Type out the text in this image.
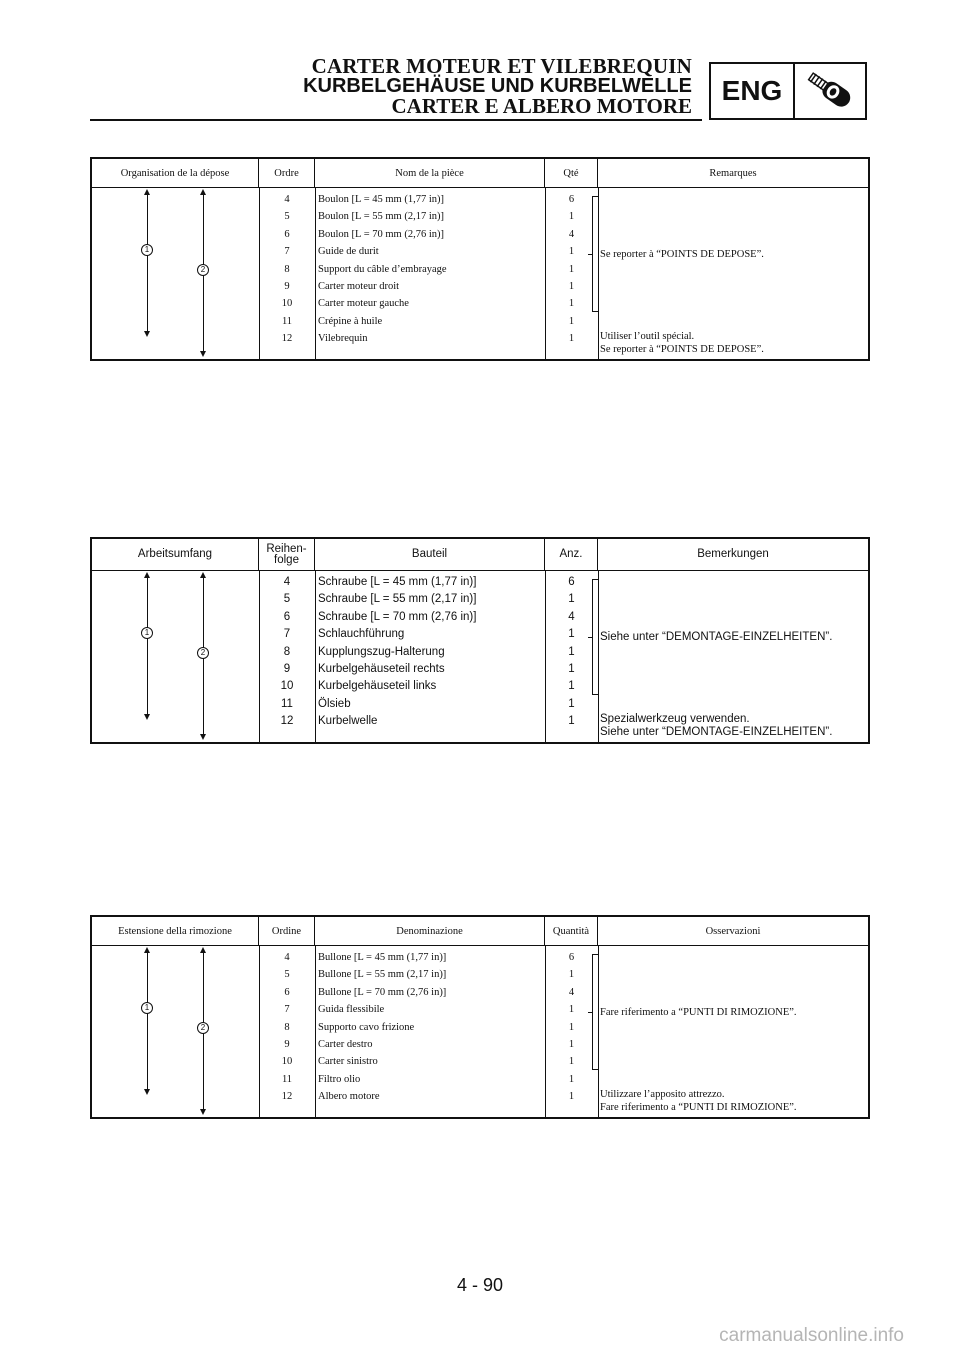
CARTER MOTEUR ET VILEBREQUIN
KURBELGEHÄUSE UND KURBELWELLE
CARTER E ALBERO MOTORE	ENG
Organisation de la dépose	Ordre	Nom de la pièce	Qté	Remarques
1
2
4	Boulon [L = 45 mm (1,77 in)]	6
5	Boulon [L = 55 mm (2,17 in)]	1
6	Boulon [L = 70 mm (2,76 in)]	4
7	Guide de durit	1
8	Support du câble d’embrayage	1
9	Carter moteur droit	1
10	Carter moteur gauche	1
11	Crépine à huile	1
12	Vilebrequin	1
Se reporter à “POINTS DE DEPOSE”.
Utiliser l’outil spécial.
Se reporter à “POINTS DE DEPOSE”.
Arbeitsumfang	Reihen-
folge	Bauteil	Anz.	Bemerkungen
1
2
4	Schraube [L = 45 mm (1,77 in)]	6
5	Schraube [L = 55 mm (2,17 in)]	1
6	Schraube [L = 70 mm (2,76 in)]	4
7	Schlauchführung	1
8	Kupplungszug-Halterung	1
9	Kurbelgehäuseteil rechts	1
10	Kurbelgehäuseteil links	1
11	Ölsieb	1
12	Kurbelwelle	1
Siehe unter “DEMONTAGE-EINZELHEITEN”.
Spezialwerkzeug verwenden.
Siehe unter “DEMONTAGE-EINZELHEITEN”.
Estensione della rimozione	Ordine	Denominazione	Quantità	Osservazioni
1
2
4	Bullone [L = 45 mm (1,77 in)]	6
5	Bullone [L = 55 mm (2,17 in)]	1
6	Bullone [L = 70 mm (2,76 in)]	4
7	Guida flessibile	1
8	Supporto cavo frizione	1
9	Carter destro	1
10	Carter sinistro	1
11	Filtro olio	1
12	Albero motore	1
Fare riferimento a “PUNTI DI RIMOZIONE”.
Utilizzare l’apposito attrezzo.
Fare riferimento a “PUNTI DI RIMOZIONE”.
4 - 90
carmanualsonline.info
